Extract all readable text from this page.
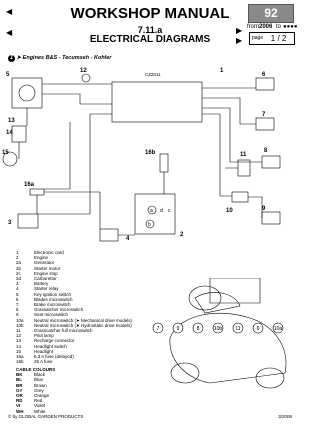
◀	WORKSHOP MANUAL	92
◀	7.11.a
ELECTRICAL DIAGRAMS
▶ from 2006 to ●●●●
▶	page 1 / 2
1 ➤ Engines B&S - Tecumseh - Kohler
CZ2011
5
12	1
6
13
14
15
7
16b	11
8
16a
10	9
3
4
2
a
b
c
d
1	Electronic card
2	Engine
2a	Generator
2b	Starter motor
2c	Engine stop
2d	Carburettor
3	Battery
4	Starter relay
5	Key ignition switch
6	Blades microswitch
7	Brake microswitch
8	Grassatcher microswitch
9	Seat microswitch
10a Neutral microswitch (➤ Mechanical drive models)
10b Neutral microswitch (➤ Hydrostatic drive models)
11	Grasscatcher full microswitch
12	Pilot lamp
13	Recharge connector
14	Headlight switch
15	Headlight
16a 6.3 A fuse (delayed)
16b 25 A fuse
CABLE COLOURS
BK	Black
BL	Blue
BR	Brown
GY	Grey
OR	Orange
RD	Red
VI	Violet
WH White
7	9	8	10b	11	6	10a
© by GLOBAL GARDEN PRODUCTS	3/2006
